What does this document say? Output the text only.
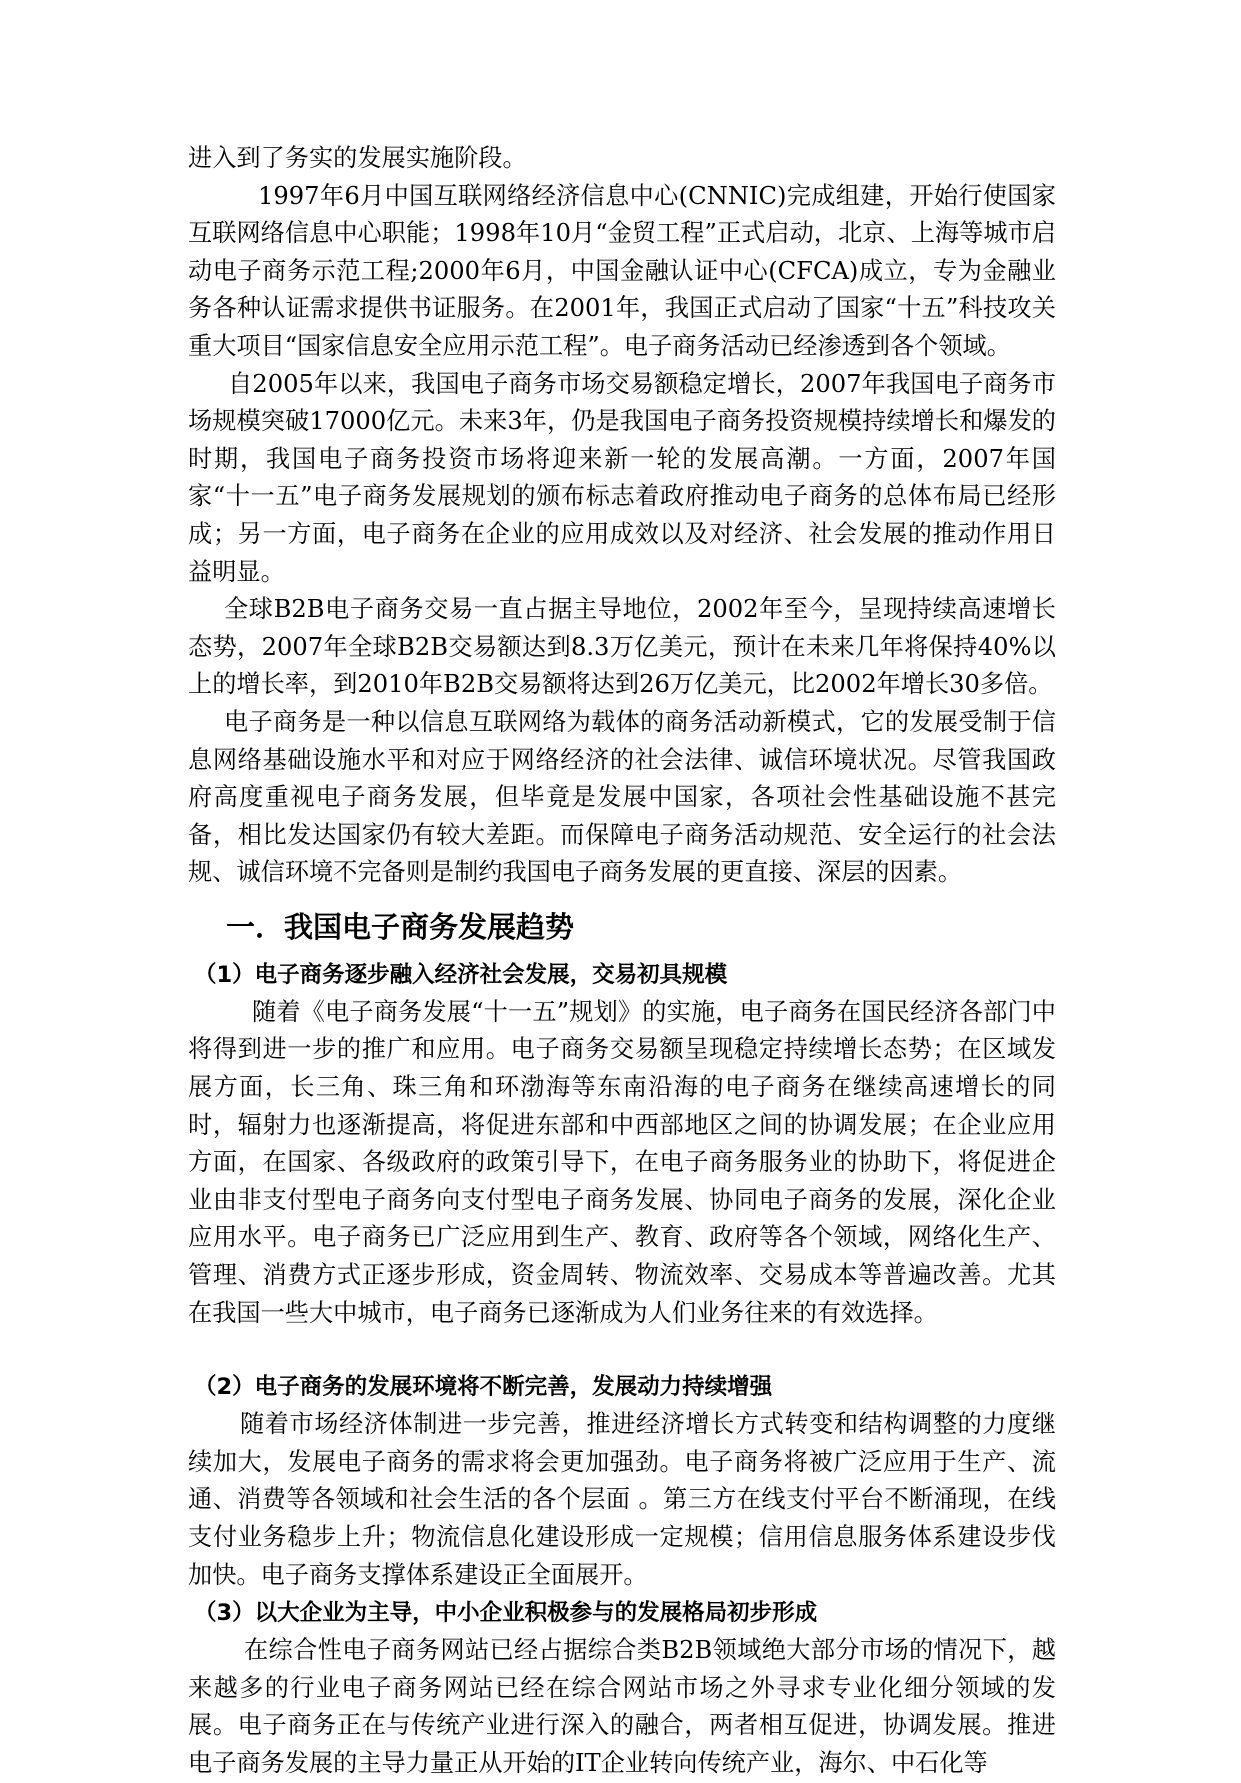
进入到了务实的发展实施阶段。

1997年6月中国互联网络经济信息中心(CNNIC)完成组建，开始行使国家互联网络信息中心职能；1998年10月“金贸工程”正式启动，北京、上海等城市启动电子商务示范工程;2000年6月，中国金融认证中心(CFCA)成立，专为金融业务各种认证需求提供书证服务。在2001年，我国正式启动了国家“十五”科技攻关重大项目“国家信息安全应用示范工程”。电子商务活动已经渗透到各个领域。

自2005年以来，我国电子商务市场交易额稳定增长，2007年我国电子商务市场规模突破17000亿元。未来3年，仍是我国电子商务投资规模持续增长和爆发的时期，我国电子商务投资市场将迎来新一轮的发展高潮。一方面，2007年国家“十一五”电子商务发展规划的颁布标志着政府推动电子商务的总体布局已经形成；另一方面，电子商务在企业的应用成效以及对经济、社会发展的推动作用日益明显。

全球B2B电子商务交易一直占据主导地位，2002年至今，呈现持续高速增长态势，2007年全球B2B交易额达到8.3万亿美元，预计在未来几年将保持40%以上的增长率，到2010年B2B交易额将达到26万亿美元，比2002年增长30多倍。

电子商务是一种以信息互联网络为载体的商务活动新模式，它的发展受制于信息网络基础设施水平和对应于网络经济的社会法律、诚信环境状况。尽管我国政府高度重视电子商务发展，但毕竟是发展中国家，各项社会性基础设施不甚完备，相比发达国家仍有较大差距。而保障电子商务活动规范、安全运行的社会法规、诚信环境不完备则是制约我国电子商务发展的更直接、深层的因素。

一．我国电子商务发展趋势
（1）电子商务逐步融入经济社会发展，交易初具规模

随着《电子商务发展“十一五”规划》的实施，电子商务在国民经济各部门中将得到进一步的推广和应用。电子商务交易额呈现稳定持续增长态势；在区域发展方面，长三角、珠三角和环渤海等东南沿海的电子商务在继续高速增长的同时，辐射力也逐渐提高，将促进东部和中西部地区之间的协调发展；在企业应用方面，在国家、各级政府的政策引导下，在电子商务服务业的协助下，将促进企业由非支付型电子商务向支付型电子商务发展、协同电子商务的发展，深化企业应用水平。电子商务已广泛应用到生产、教育、政府等各个领域，网络化生产、管理、消费方式正逐步形成，资金周转、物流效率、交易成本等普遍改善。尤其在我国一些大中城市，电子商务已逐渐成为人们业务往来的有效选择。

（2）电子商务的发展环境将不断完善，发展动力持续增强

随着市场经济体制进一步完善，推进经济增长方式转变和结构调整的力度继续加大，发展电子商务的需求将会更加强劲。电子商务将被广泛应用于生产、流通、消费等各领域和社会生活的各个层面 。第三方在线支付平台不断涌现，在线支付业务稳步上升；物流信息化建设形成一定规模；信用信息服务体系建设步伐加快。电子商务支撑体系建设正全面展开。

（3）以大企业为主导，中小企业积极参与的发展格局初步形成

在综合性电子商务网站已经占据综合类B2B领域绝大部分市场的情况下，越来越多的行业电子商务网站已经在综合网站市场之外寻求专业化细分领域的发展。电子商务正在与传统产业进行深入的融合，两者相互促进，协调发展。推进电子商务发展的主导力量正从开始的IT企业转向传统产业，海尔、中石化等
